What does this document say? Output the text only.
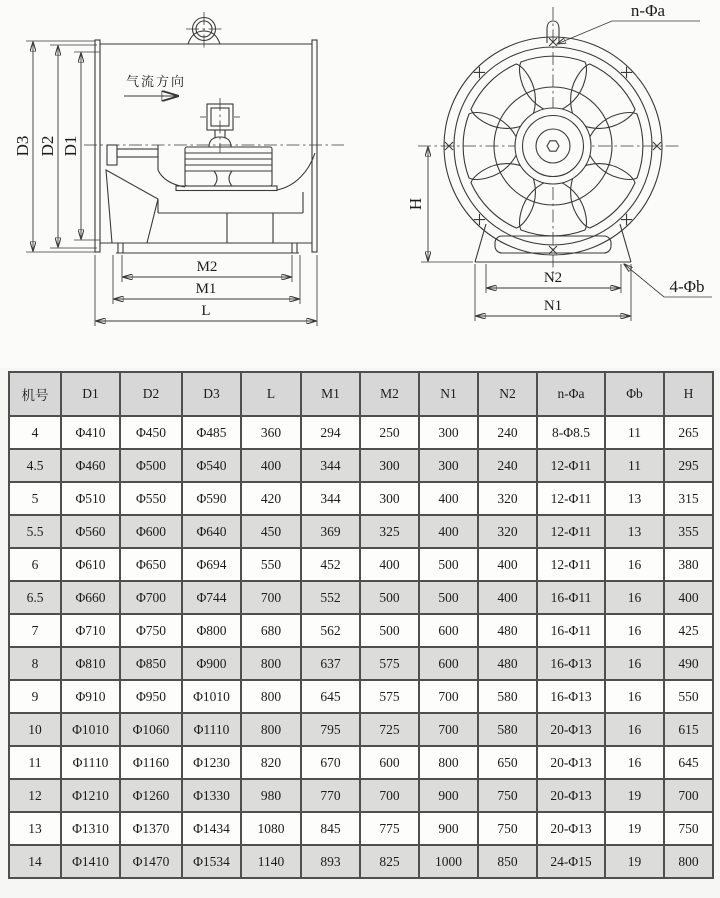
D3 D2 D1
气流方向
M2
M1
L
H
N2
N1
n-Φa
4-Φb
机号	D1	D2	D3	L	M1	M2	N1	N2	n-Φa	Φb	H
4	Φ410	Φ450	Φ485	360	294	250	300	240	8-Φ8.5	11	265
4.5	Φ460	Φ500	Φ540	400	344	300	300	240	12-Φ11	11	295
5	Φ510	Φ550	Φ590	420	344	300	400	320	12-Φ11	13	315
5.5	Φ560	Φ600	Φ640	450	369	325	400	320	12-Φ11	13	355
6	Φ610	Φ650	Φ694	550	452	400	500	400	12-Φ11	16	380
6.5	Φ660	Φ700	Φ744	700	552	500	500	400	16-Φ11	16	400
7	Φ710	Φ750	Φ800	680	562	500	600	480	16-Φ11	16	425
8	Φ810	Φ850	Φ900	800	637	575	600	480	16-Φ13	16	490
9	Φ910	Φ950	Φ1010	800	645	575	700	580	16-Φ13	16	550
10	Φ1010	Φ1060	Φ1110	800	795	725	700	580	20-Φ13	16	615
11	Φ1110	Φ1160	Φ1230	820	670	600	800	650	20-Φ13	16	645
12	Φ1210	Φ1260	Φ1330	980	770	700	900	750	20-Φ13	19	700
13	Φ1310	Φ1370	Φ1434	1080	845	775	900	750	20-Φ13	19	750
14	Φ1410	Φ1470	Φ1534	1140	893	825	1000	850	24-Φ15	19	800
